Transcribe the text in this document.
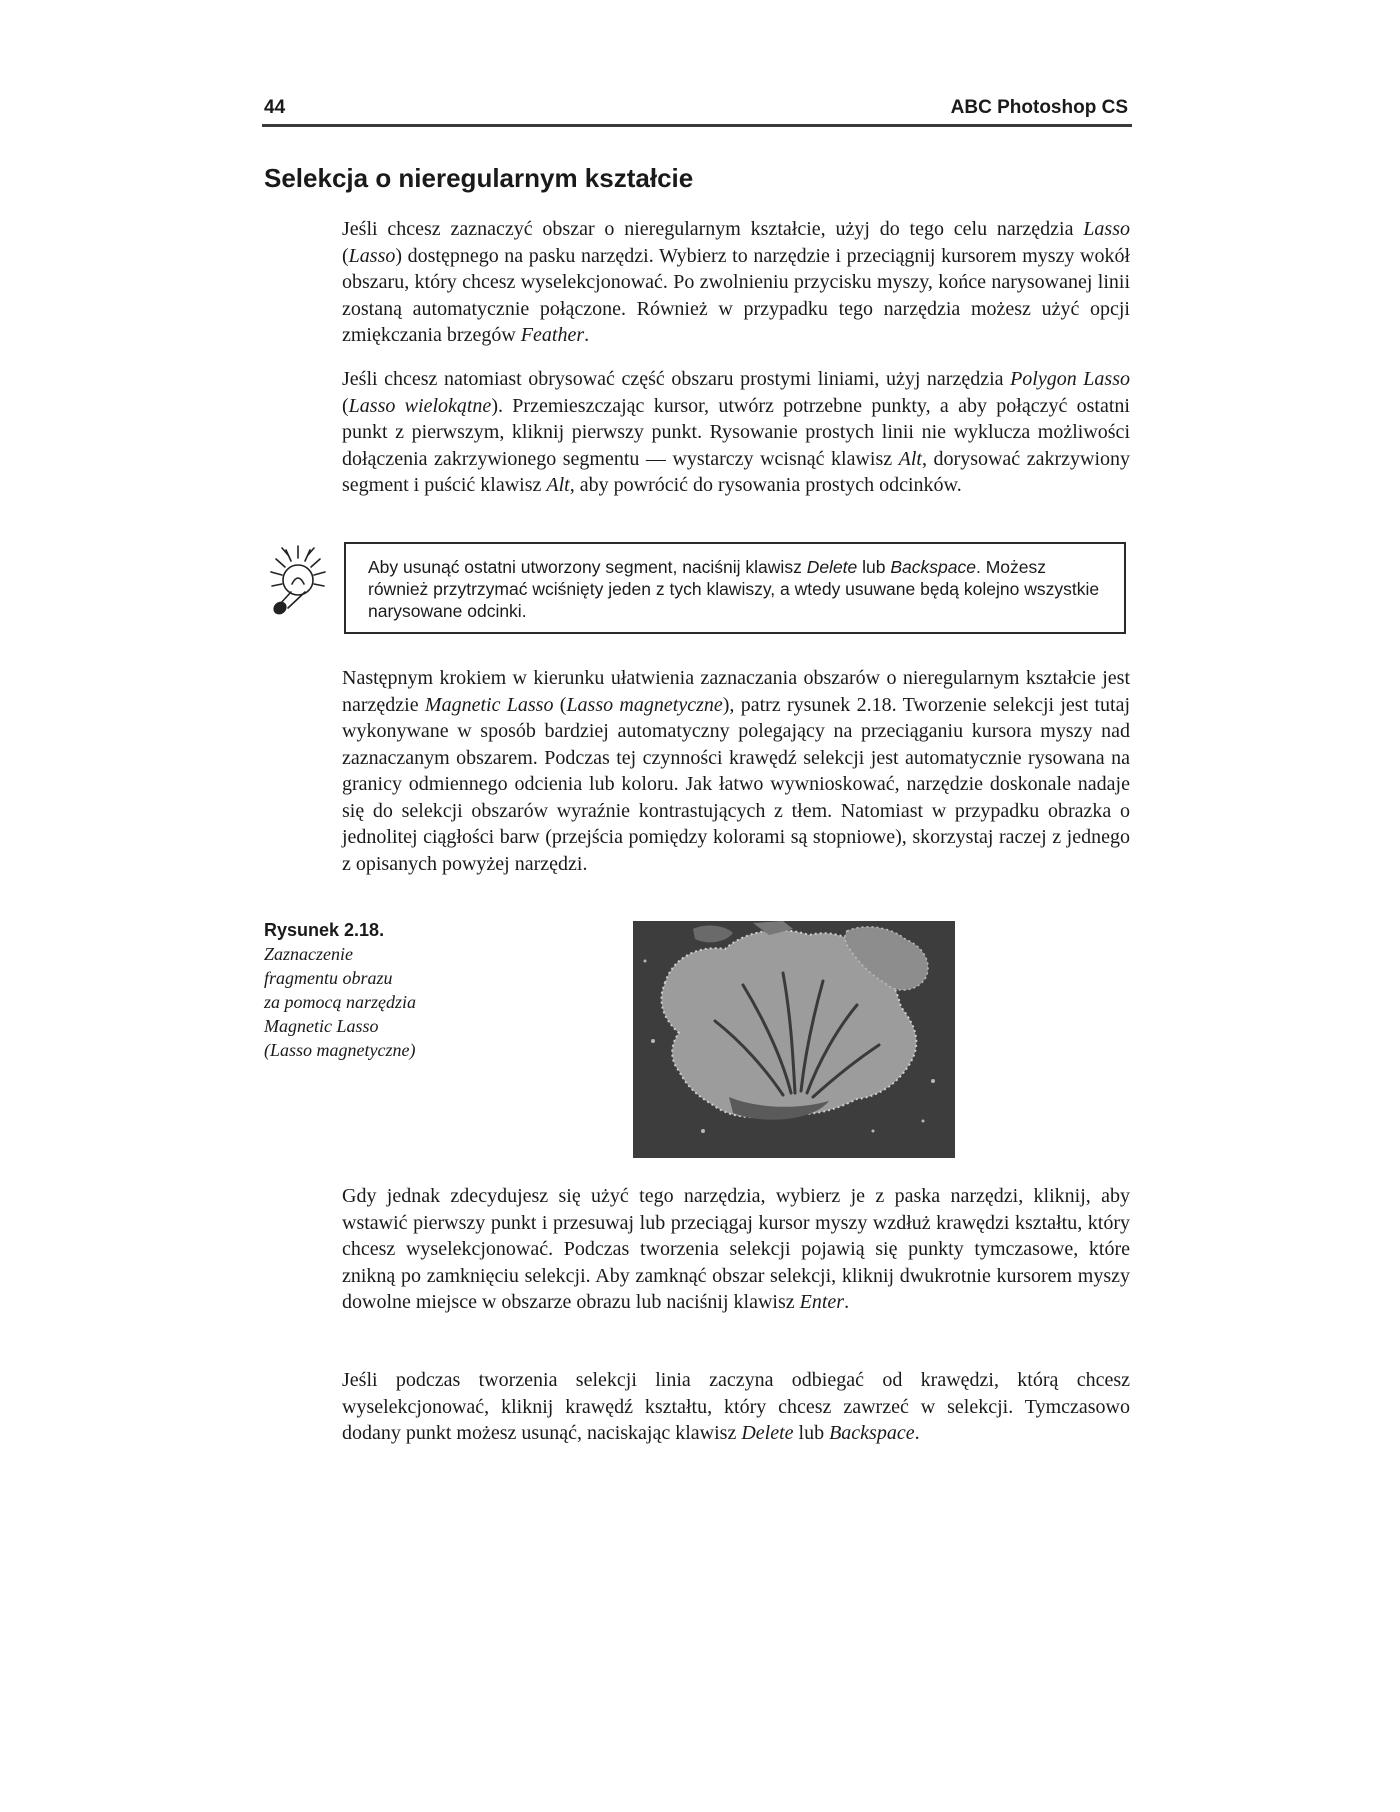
44	ABC Photoshop CS
Selekcja o nieregularnym kształcie

Jeśli chcesz zaznaczyć obszar o nieregularnym kształcie, użyj do tego celu narzędzia Lasso (Lasso) dostępnego na pasku narzędzi. Wybierz to narzędzie i przeciągnij kursorem myszy wokół obszaru, który chcesz wyselekcjonować. Po zwolnieniu przycisku myszy, końce narysowanej linii zostaną automatycznie połączone. Również w przypadku tego narzędzia możesz użyć opcji zmiękczania brzegów Feather.

Jeśli chcesz natomiast obrysować część obszaru prostymi liniami, użyj narzędzia Polygon Lasso (Lasso wielokątne). Przemieszczając kursor, utwórz potrzebne punkty, a aby połączyć ostatni punkt z pierwszym, kliknij pierwszy punkt. Rysowanie prostych linii nie wyklucza możliwości dołączenia zakrzywionego segmentu — wystarczy wcisnąć klawisz Alt, dorysować zakrzywiony segment i puścić klawisz Alt, aby powrócić do rysowania prostych odcinków.

Aby usunąć ostatni utworzony segment, naciśnij klawisz Delete lub Backspace. Możesz również przytrzymać wciśnięty jeden z tych klawiszy, a wtedy usuwane będą kolejno wszystkie narysowane odcinki.

Następnym krokiem w kierunku ułatwienia zaznaczania obszarów o nieregularnym kształcie jest narzędzie Magnetic Lasso (Lasso magnetyczne), patrz rysunek 2.18. Tworzenie selekcji jest tutaj wykonywane w sposób bardziej automatyczny polegający na przeciąganiu kursora myszy nad zaznaczanym obszarem. Podczas tej czynności krawędź selekcji jest automatycznie rysowana na granicy odmiennego odcienia lub koloru. Jak łatwo wywnioskować, narzędzie doskonale nadaje się do selekcji obszarów wyraźnie kontrastujących z tłem. Natomiast w przypadku obrazka o jednolitej ciągłości barw (przejścia pomiędzy kolorami są stopniowe), skorzystaj raczej z jednego z opisanych powyżej narzędzi.

Rysunek 2.18.
Zaznaczenie
fragmentu obrazu
za pomocą narzędzia
Magnetic Lasso
(Lasso magnetyczne)

Gdy jednak zdecydujesz się użyć tego narzędzia, wybierz je z paska narzędzi, kliknij, aby wstawić pierwszy punkt i przesuwaj lub przeciągaj kursor myszy wzdłuż krawędzi kształtu, który chcesz wyselekcjonować. Podczas tworzenia selekcji pojawią się punkty tymczasowe, które znikną po zamknięciu selekcji. Aby zamknąć obszar selekcji, kliknij dwukrotnie kursorem myszy dowolne miejsce w obszarze obrazu lub naciśnij klawisz Enter.

Jeśli podczas tworzenia selekcji linia zaczyna odbiegać od krawędzi, którą chcesz wyselekcjonować, kliknij krawędź kształtu, który chcesz zawrzeć w selekcji. Tymczasowo dodany punkt możesz usunąć, naciskając klawisz Delete lub Backspace.
